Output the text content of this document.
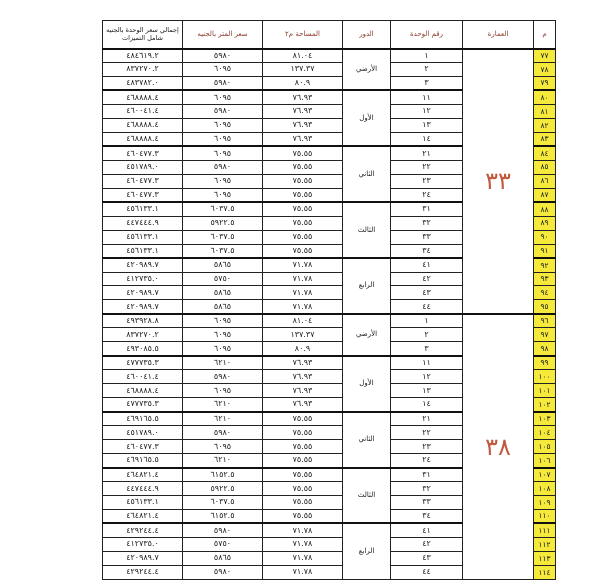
م	العمارة	رقم الوحدة	الدور	المساحة م٢	سعر المتر بالجنيه	إجمالي سعر الوحدة بالجنيه شامل التميزات
٧٧	٣٣	١	الأرضي	٨١.٠٤	٥٩٨٠	٤٨٤٦١٩.٢
٧٨		٢		١٣٧.٣٧	٦٠٩٥	٨٣٧٢٧٠.٢
٧٩		٣		٨٠.٩	٥٩٨٠	٤٨٣٧٨٢.٠
٨٠		١١	الأول	٧٦.٩٣	٦٠٩٥	٤٦٨٨٨٨.٤
٨١		١٢		٧٦.٩٣	٥٩٨٠	٤٦٠٠٤١.٤
٨٢		١٣		٧٦.٩٣	٦٠٩٥	٤٦٨٨٨٨.٤
٨٣		١٤		٧٦.٩٣	٦٠٩٥	٤٦٨٨٨٨.٤
٨٤		٢١	الثاني	٧٥.٥٥	٦٠٩٥	٤٦٠٤٧٧.٣
٨٥		٢٢		٧٥.٥٥	٥٩٨٠	٤٥١٧٨٩.٠
٨٦		٢٣		٧٥.٥٥	٦٠٩٥	٤٦٠٤٧٧.٣
٨٧		٢٤		٧٥.٥٥	٦٠٩٥	٤٦٠٤٧٧.٣
٨٨		٣١	الثالث	٧٥.٥٥	٦٠٣٧.٥	٤٥٦١٣٣.١
٨٩		٣٢		٧٥.٥٥	٥٩٢٢.٥	٤٤٧٤٤٤.٩
٩٠		٣٣		٧٥.٥٥	٦٠٣٧.٥	٤٥٦١٣٣.١
٩١		٣٤		٧٥.٥٥	٦٠٣٧.٥	٤٥٦١٣٣.١
٩٢		٤١	الرابع	٧١.٧٨	٥٨٦٥	٤٢٠٩٨٩.٧
٩٣		٤٢		٧١.٧٨	٥٧٥٠	٤١٢٧٣٥.٠
٩٤		٤٣		٧١.٧٨	٥٨٦٥	٤٢٠٩٨٩.٧
٩٥		٤٤		٧١.٧٨	٥٨٦٥	٤٢٠٩٨٩.٧
٩٦	٣٨	١	الأرضي	٨١.٠٤	٦٠٩٥	٤٩٣٩٢٨.٨
٩٧		٢		١٣٧.٣٧	٦٠٩٥	٨٣٧٢٧٠.٢
٩٨		٣		٨٠.٩	٦٠٩٥	٤٩٣٠٨٥.٥
٩٩		١١	الأول	٧٦.٩٣	٦٢١٠	٤٧٧٧٣٥.٣
١٠٠		١٢		٧٦.٩٣	٥٩٨٠	٤٦٠٠٤١.٤
١٠١		١٣		٧٦.٩٣	٦٠٩٥	٤٦٨٨٨٨.٤
١٠٢		١٤		٧٦.٩٣	٦٢١٠	٤٧٧٧٣٥.٣
١٠٣		٢١	الثاني	٧٥.٥٥	٦٢١٠	٤٦٩١٦٥.٥
١٠٤		٢٢		٧٥.٥٥	٥٩٨٠	٤٥١٧٨٩.٠
١٠٥		٢٣		٧٥.٥٥	٦٠٩٥	٤٦٠٤٧٧.٣
١٠٦		٢٤		٧٥.٥٥	٦٢١٠	٤٦٩١٦٥.٥
١٠٧		٣١	الثالث	٧٥.٥٥	٦١٥٢.٥	٤٦٤٨٢١.٤
١٠٨		٣٢		٧٥.٥٥	٥٩٢٢.٥	٤٤٧٤٤٤.٩
١٠٩		٣٣		٧٥.٥٥	٦٠٣٧.٥	٤٥٦١٣٣.١
١١٠		٣٤		٧٥.٥٥	٦١٥٢.٥	٤٦٤٨٢١.٤
١١١		٤١	الرابع	٧١.٧٨	٥٩٨٠	٤٢٩٢٤٤.٤
١١٢		٤٢		٧١.٧٨	٥٧٥٠	٤١٢٧٣٥.٠
١١٣		٤٣		٧١.٧٨	٥٨٦٥	٤٢٠٩٨٩.٧
١١٤		٤٤		٧١.٧٨	٥٩٨٠	٤٢٩٢٤٤.٤
